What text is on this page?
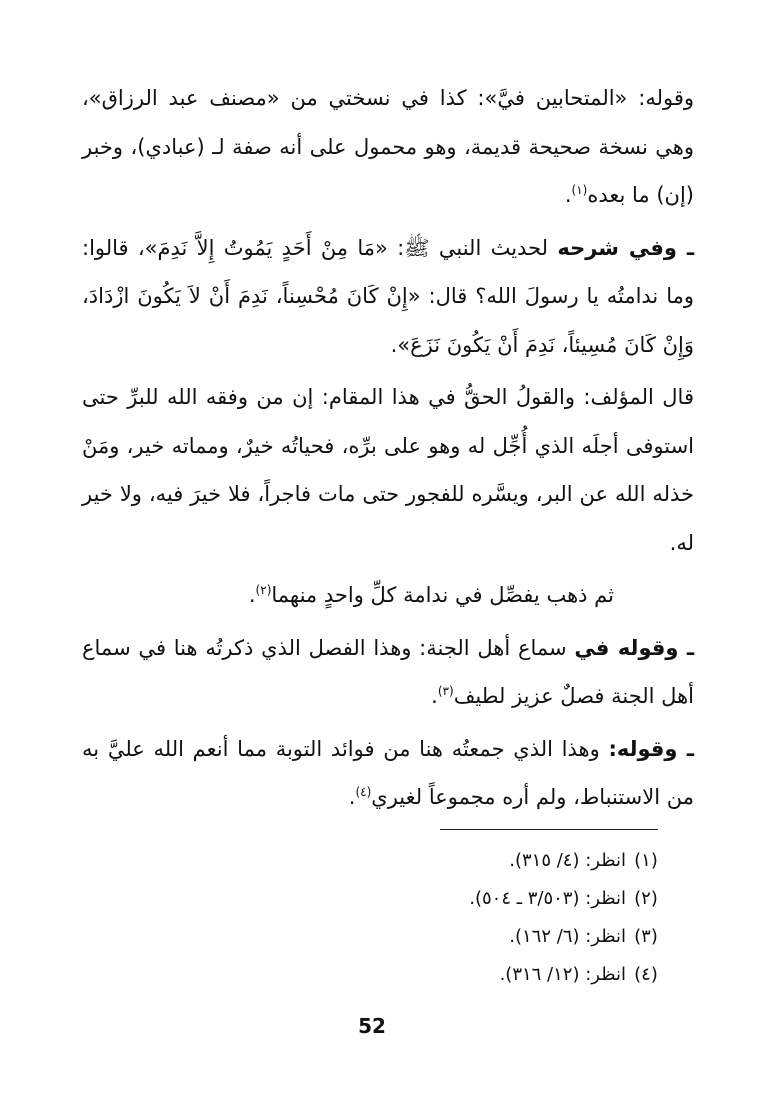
وقوله: «المتحابين فيَّ»: كذا في نسختي من «مصنف عبد الرزاق»، وهي نسخة صحيحة قديمة، وهو محمول على أنه صفة لـ (عبادي)، وخبر (إن) ما بعده$^{(١)}$.

ـ وفي شرحه لحديث النبي ﷺ: «مَا مِنْ أَحَدٍ يَمُوتُ إِلاَّ نَدِمَ»، قالوا: وما ندامتُه يا رسولَ الله؟ قال: «إِنْ كَانَ مُحْسِناً، نَدِمَ أَنْ لاَ يَكُونَ ازْدَادَ، وَإِنْ كَانَ مُسِيئاً، نَدِمَ أَنْ يَكُونَ نَزَعَ».

قال المؤلف: والقولُ الحقُّ في هذا المقام: إن من وفقه الله للبرِّ حتى استوفى أجلَه الذي أُجِّل له وهو على برِّه، فحياتُه خيرٌ، ومماته خير، ومَنْ خذله الله عن البر، ويسَّره للفجور حتى مات فاجراً، فلا خيرَ فيه، ولا خير له.

ثم ذهب يفصِّل في ندامة كلِّ واحدٍ منهما$^{(٢)}$.

ـ وقوله في سماع أهل الجنة: وهذا الفصل الذي ذكرتُه هنا في سماع أهل الجنة فصلٌ عزيز لطيف$^{(٣)}$.

ـ وقوله: وهذا الذي جمعتُه هنا من فوائد التوبة مما أنعم الله عليَّ به من الاستنباط، ولم أره مجموعاً لغيري$^{(٤)}$.

(١)
انظر: (٤/ ٣١٥).
(٢)
انظر: (٣/٥٠٣ ـ ٥٠٤).
(٣)
انظر: (٦/ ١٦٢).
(٤)
انظر: (١٢/ ٣١٦).
52
